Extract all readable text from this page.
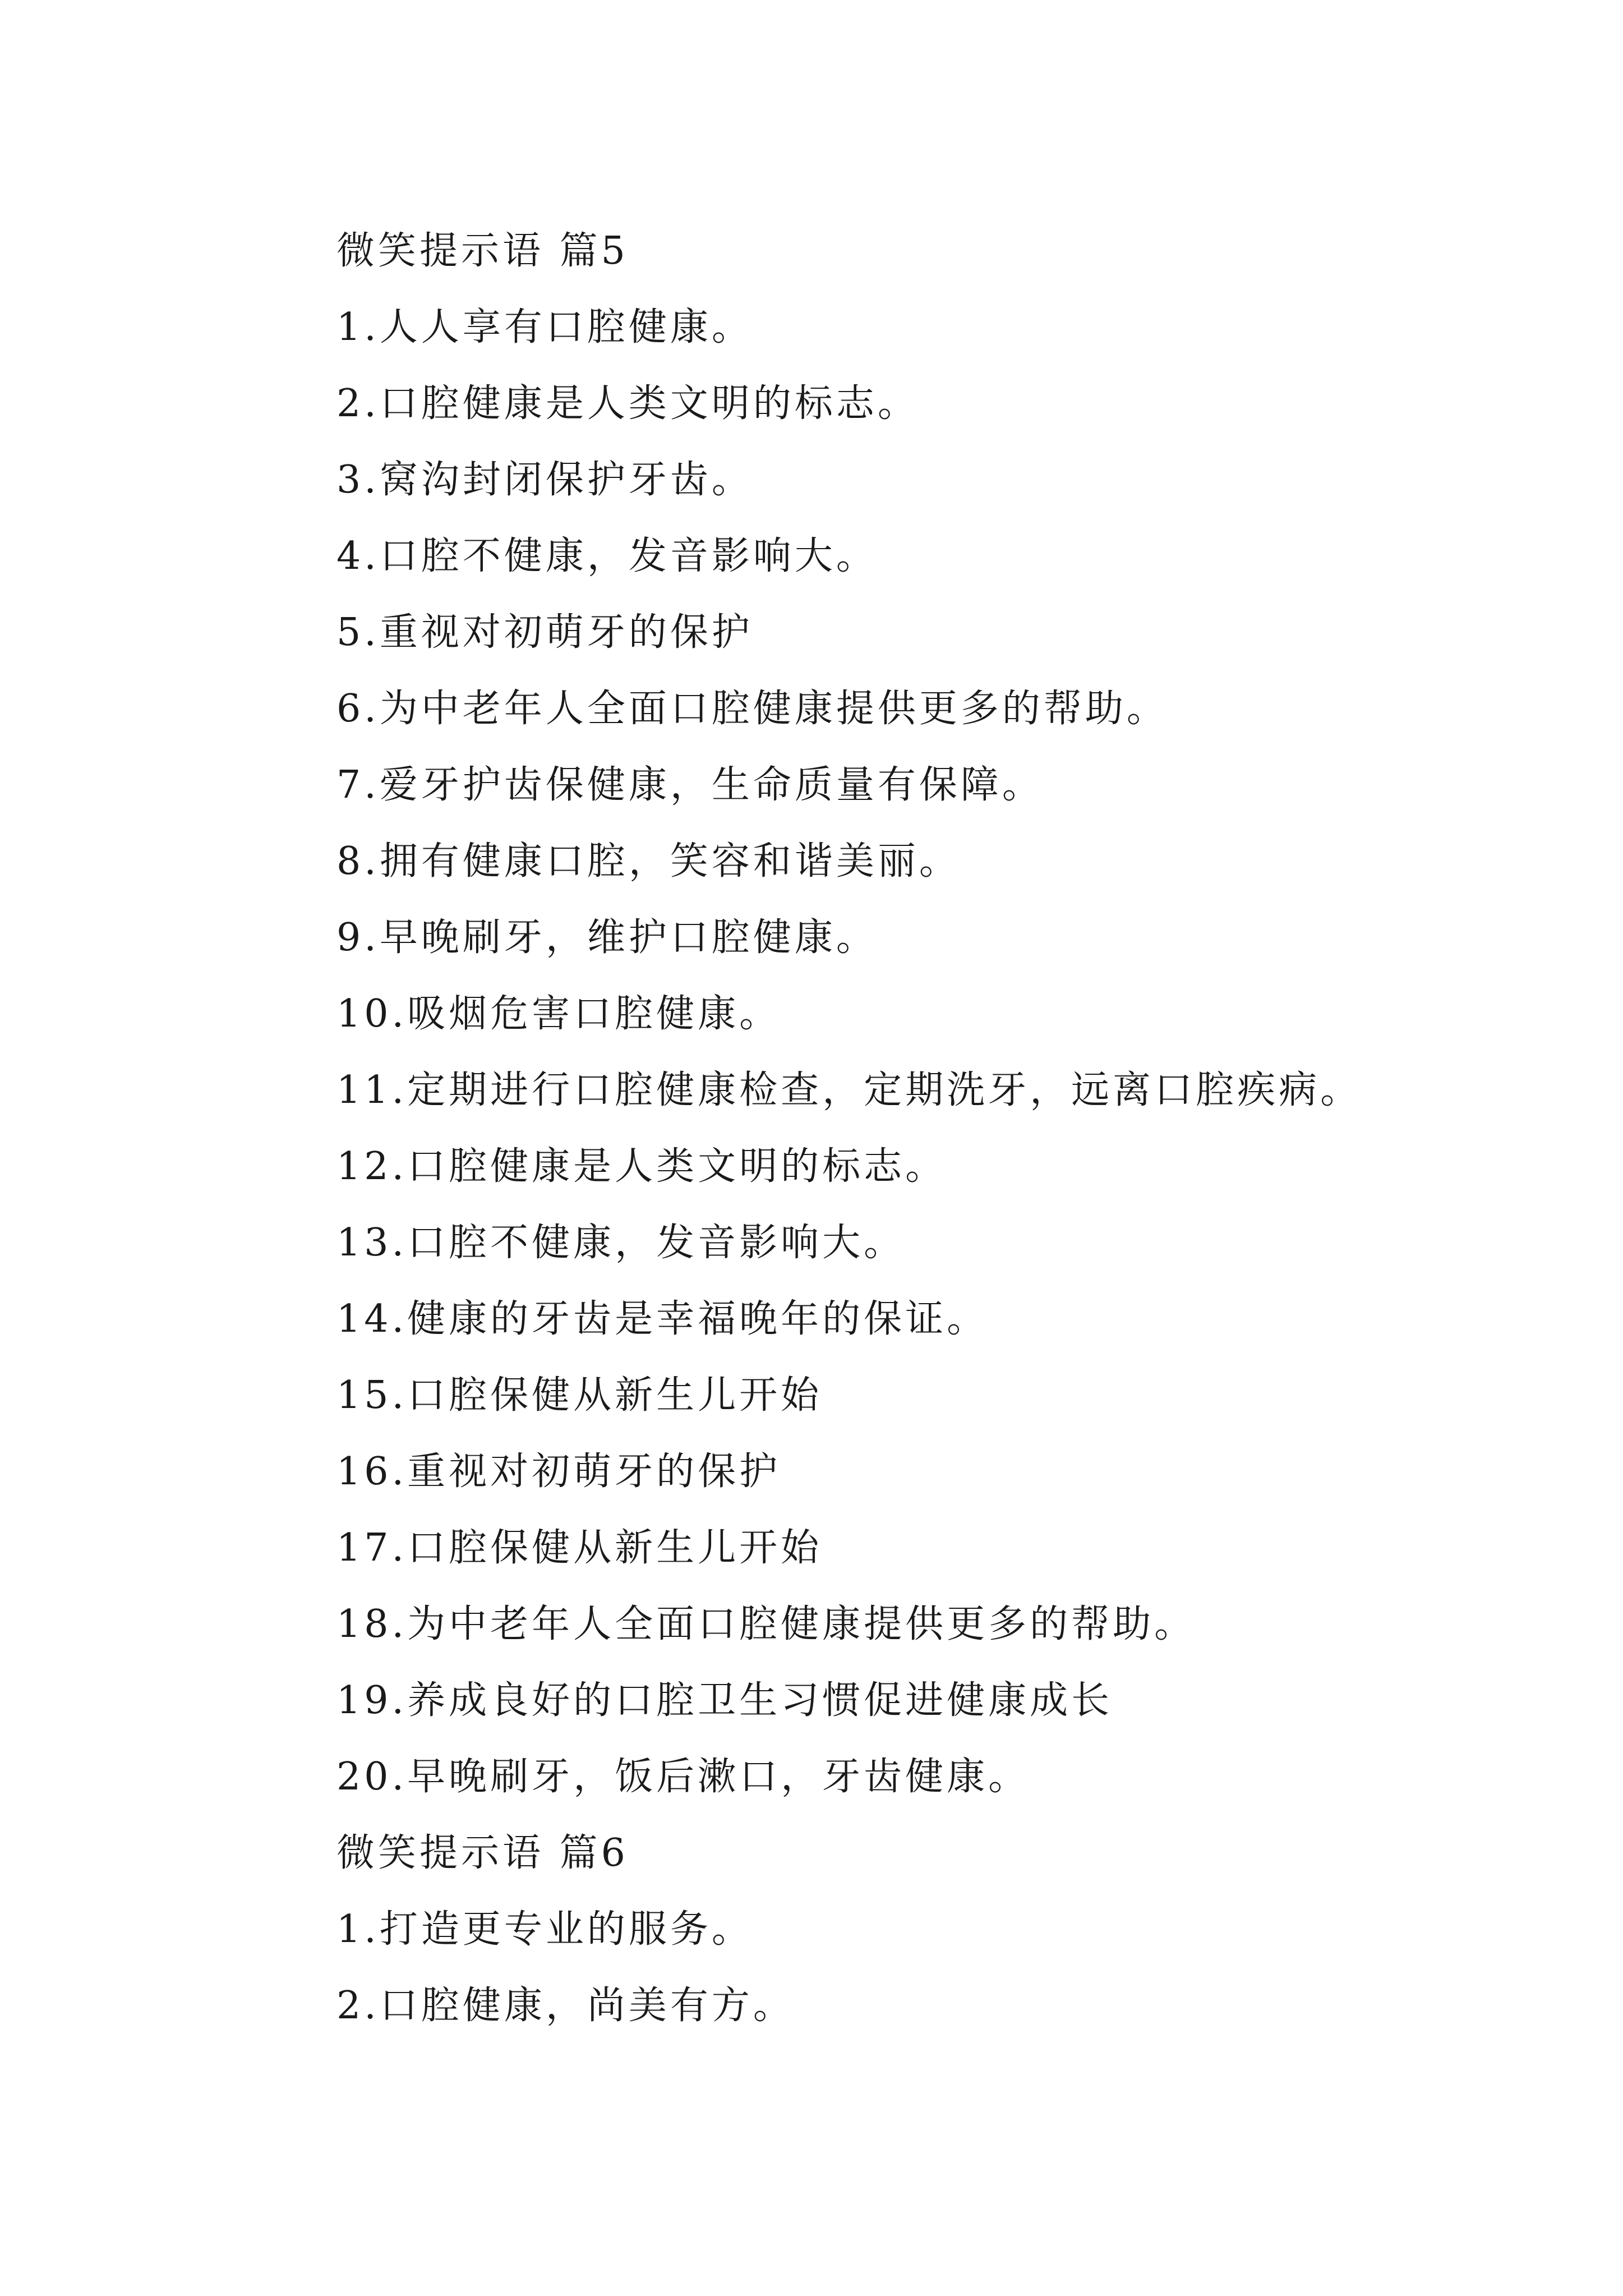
微笑提示语 篇5
1.人人享有口腔健康。
2.口腔健康是人类文明的标志。
3.窝沟封闭保护牙齿。
4.口腔不健康，发音影响大。
5.重视对初萌牙的保护
6.为中老年人全面口腔健康提供更多的帮助。
7.爱牙护齿保健康，生命质量有保障。
8.拥有健康口腔，笑容和谐美丽。
9.早晚刷牙，维护口腔健康。
10.吸烟危害口腔健康。
11.定期进行口腔健康检查，定期洗牙，远离口腔疾病。
12.口腔健康是人类文明的标志。
13.口腔不健康，发音影响大。
14.健康的牙齿是幸福晚年的保证。
15.口腔保健从新生儿开始
16.重视对初萌牙的保护
17.口腔保健从新生儿开始
18.为中老年人全面口腔健康提供更多的帮助。
19.养成良好的口腔卫生习惯促进健康成长
20.早晚刷牙，饭后漱口，牙齿健康。
微笑提示语 篇6
1.打造更专业的服务。
2.口腔健康，尚美有方。
